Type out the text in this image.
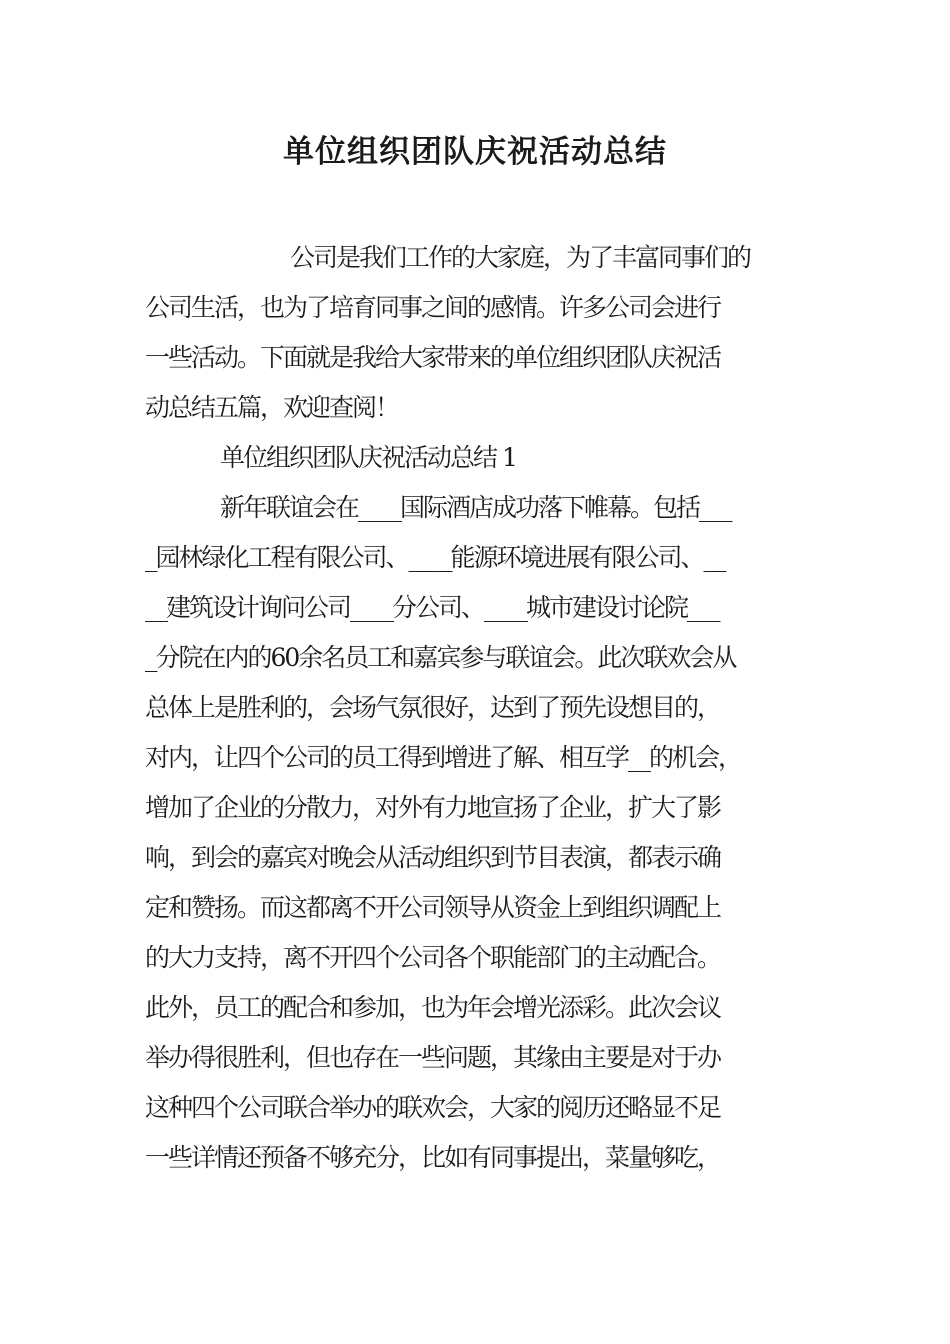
单位组织团队庆祝活动总结
公司是我们工作的大家庭，为了丰富同事们的
公司生活，也为了培育同事之间的感情。许多公司会进行
一些活动。下面就是我给大家带来的单位组织团队庆祝活
动总结五篇，欢迎查阅！
单位组织团队庆祝活动总结 1
新年联谊会在____国际酒店成功落下帷幕。包括___
_园林绿化工程有限公司、____能源环境进展有限公司、__
__建筑设计询问公司____分公司、____城市建设讨论院___
_分院在内的60余名员工和嘉宾参与联谊会。此次联欢会从
总体上是胜利的，会场气氛很好，达到了预先设想目的，
对内，让四个公司的员工得到增进了解、相互学__的机会，
增加了企业的分散力，对外有力地宣扬了企业，扩大了影
响，到会的嘉宾对晚会从活动组织到节目表演，都表示确
定和赞扬。而这都离不开公司领导从资金上到组织调配上
的大力支持，离不开四个公司各个职能部门的主动配合。
此外，员工的配合和参加，也为年会增光添彩。此次会议
举办得很胜利，但也存在一些问题，其缘由主要是对于办
这种四个公司联合举办的联欢会，大家的阅历还略显不足
一些详情还预备不够充分，比如有同事提出，菜量够吃，
